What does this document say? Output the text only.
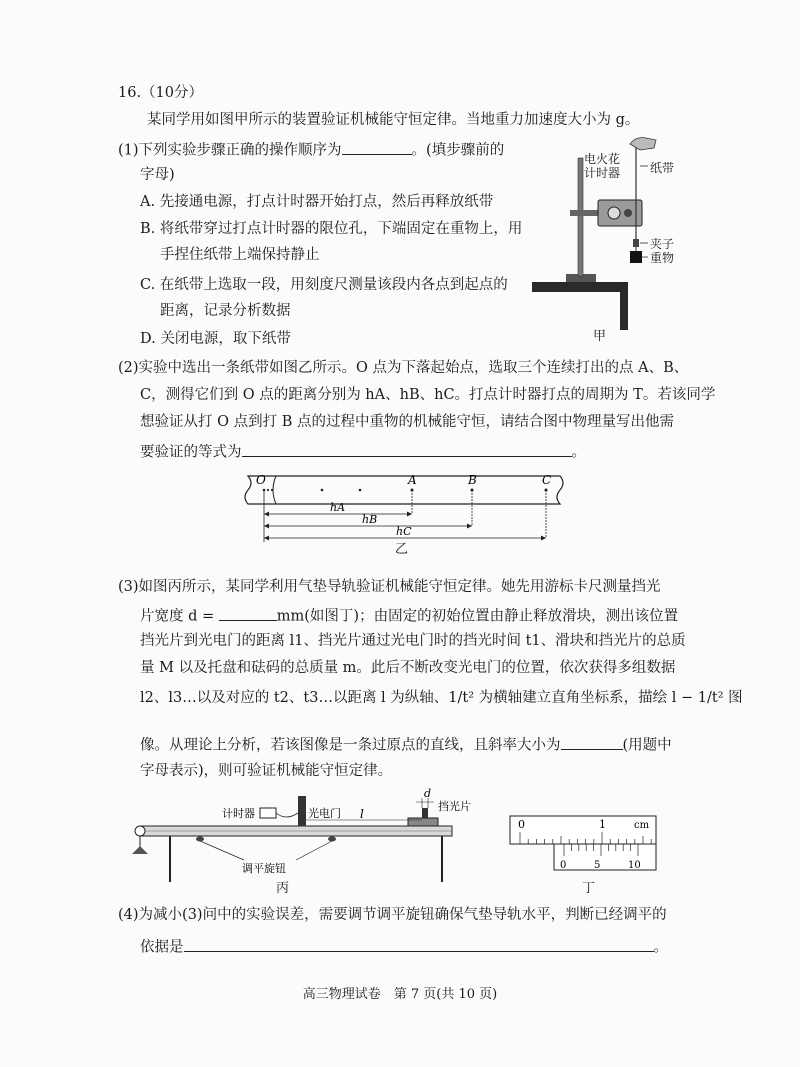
16.（10分）
某同学用如图甲所示的装置验证机械能守恒定律。当地重力加速度大小为 g。
(1)下列实验步骤正确的操作顺序为	。(填步骤前的
字母)
A. 先接通电源，打点计时器开始打点，然后再释放纸带
B. 将纸带穿过打点计时器的限位孔，下端固定在重物上，用
手捏住纸带上端保持静止
C. 在纸带上选取一段，用刻度尺测量该段内各点到起点的
距离，记录分析数据
D. 关闭电源，取下纸带
电火花
计时器 纸带
夹子
重物
甲
(2)实验中选出一条纸带如图乙所示。O 点为下落起始点，选取三个连续打出的点 A、B、
C，测得它们到 O 点的距离分别为 hA、hB、hC。打点计时器打点的周期为 T。若该同学
想验证从打 O 点到打 B 点的过程中重物的机械能守恒，请结合图中物理量写出他需
要验证的等式为	。
O	A	B	C
hA
hB
hC
乙
(3)如图丙所示，某同学利用气垫导轨验证机械能守恒定律。她先用游标卡尺测量挡光
片宽度 d =	mm(如图丁)；由固定的初始位置由静止释放滑块，测出该位置
挡光片到光电门的距离 l1、挡光片通过光电门时的挡光时间 t1、滑块和挡光片的总质
量 M 以及托盘和砝码的总质量 m。此后不断改变光电门的位置，依次获得多组数据
l2、l3…以及对应的 t2、t3…以距离 l 为纵轴、1/t² 为横轴建立直角坐标系，描绘 l − 1/t² 图
像。从理论上分析，若该图像是一条过原点的直线，且斜率大小为	(用题中
字母表示)，则可验证机械能守恒定律。
计时器	光电门 l
d
挡光片
调平旋钮
丙
0	1	cm
0	5	10
丁
(4)为减小(3)问中的实验误差，需要调节调平旋钮确保气垫导轨水平，判断已经调平的
依据是	。
高三物理试卷　第 7 页(共 10 页)
